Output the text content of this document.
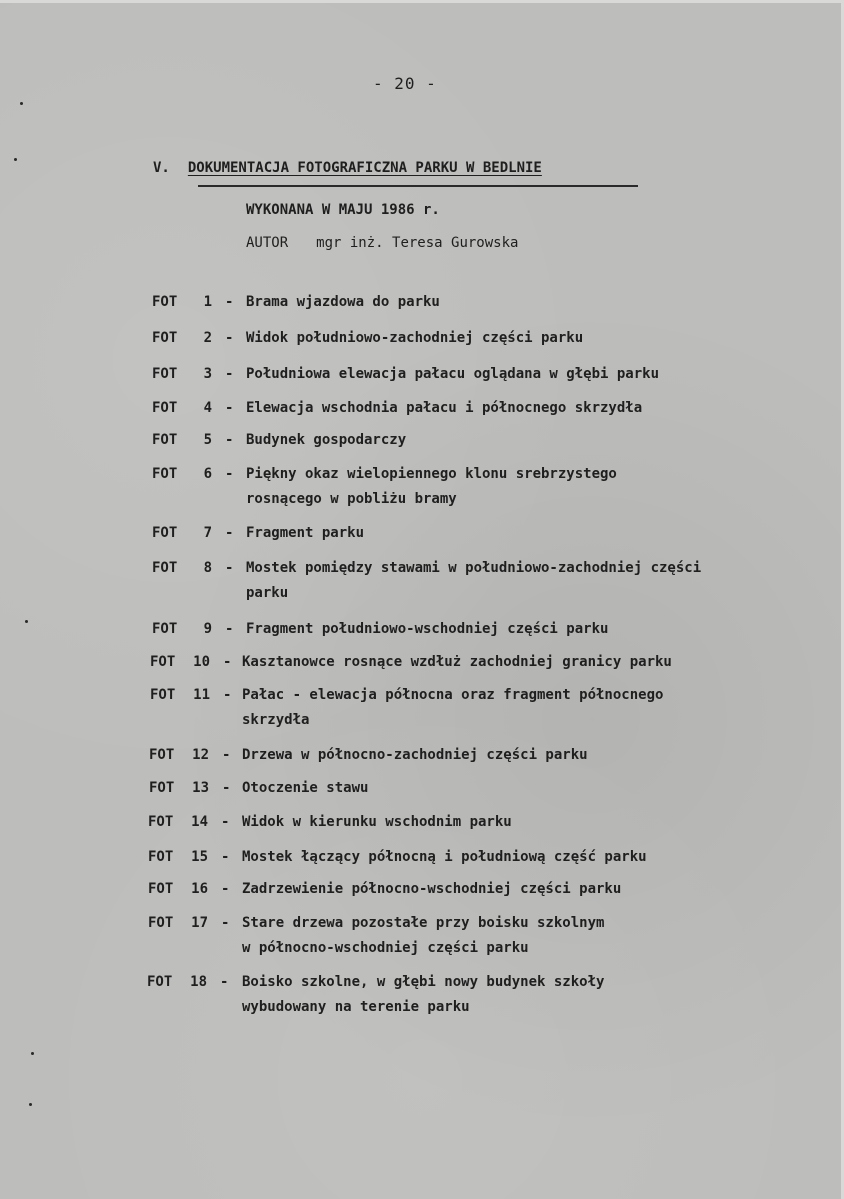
- 20 -
V. DOKUMENTACJA FOTOGRAFICZNA PARKU W BEDLNIE
WYKONANA W MAJU 1986 r.
AUTOR mgr inż. Teresa Gurowska
FOT	1 - Brama wjazdowa do parku
FOT	2 - Widok południowo-zachodniej części parku
FOT	3 - Południowa elewacja pałacu oglądana w głębi parku
FOT	4 - Elewacja wschodnia pałacu i północnego skrzydła
FOT	5 - Budynek gospodarczy
FOT	6 - Piękny okaz wielopiennego klonu srebrzystego
rosnącego w pobliżu bramy
FOT	7 - Fragment parku
FOT	8 - Mostek pomiędzy stawami w południowo-zachodniej części
parku
FOT	9 - Fragment południowo-wschodniej części parku
FOT	10 - Kasztanowce rosnące wzdłuż zachodniej granicy parku
FOT	11 - Pałac - elewacja północna oraz fragment północnego
skrzydła
FOT	12 - Drzewa w północno-zachodniej części parku
FOT	13 - Otoczenie stawu
FOT	14 - Widok w kierunku wschodnim parku
FOT	15 - Mostek łączący północną i południową część parku
FOT	16 - Zadrzewienie północno-wschodniej części parku
FOT	17 - Stare drzewa pozostałe przy boisku szkolnym
w północno-wschodniej części parku
FOT	18 - Boisko szkolne, w głębi nowy budynek szkoły
wybudowany na terenie parku
